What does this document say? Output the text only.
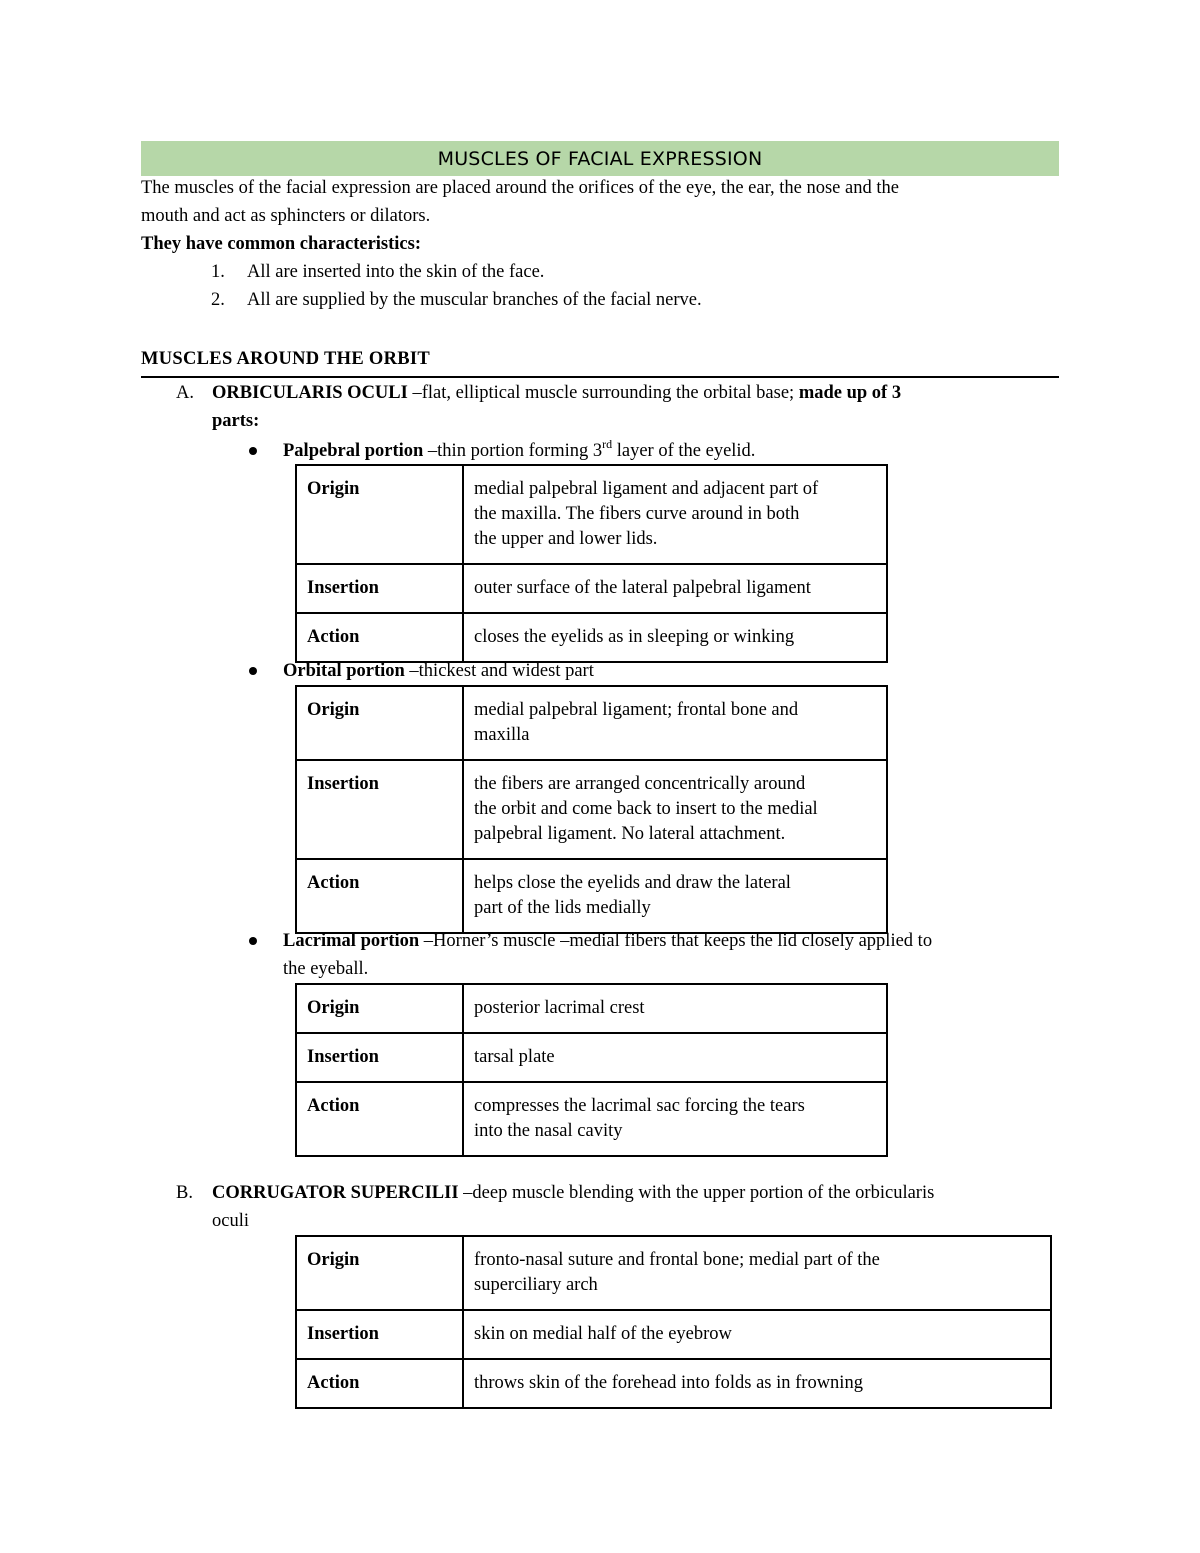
MUSCLES OF FACIAL EXPRESSION
The muscles of the facial expression are placed around the orifices of the eye, the ear, the nose and the
mouth and act as sphincters or dilators.
They have common characteristics:
1. All are inserted into the skin of the face.
2. All are supplied by the muscular branches of the facial nerve.
MUSCLES AROUND THE ORBIT
A. ORBICULARIS OCULI –flat, elliptical muscle surrounding the orbital base; made up of 3
parts:
Palpebral portion –thin portion forming 3rd layer of the eyelid.
Origin	medial palpebral ligament and adjacent part of
the maxilla. The fibers curve around in both
the upper and lower lids.

Insertion	outer surface of the lateral palpebral ligament

Action	closes the eyelids as in sleeping or winking
Orbital portion –thickest and widest part
Origin	medial palpebral ligament; frontal bone and
maxilla

Insertion	the fibers are arranged concentrically around
the orbit and come back to insert to the medial
palpebral ligament. No lateral attachment.

Action	helps close the eyelids and draw the lateral
part of the lids medially
Lacrimal portion –Horner’s muscle –medial fibers that keeps the lid closely applied to
the eyeball.
Origin	posterior lacrimal crest

Insertion	tarsal plate

Action	compresses the lacrimal sac forcing the tears
into the nasal cavity
B. CORRUGATOR SUPERCILII –deep muscle blending with the upper portion of the orbicularis
oculi
Origin	fronto-nasal suture and frontal bone; medial part of the
superciliary arch

Insertion	skin on medial half of the eyebrow

Action	throws skin of the forehead into folds as in frowning
